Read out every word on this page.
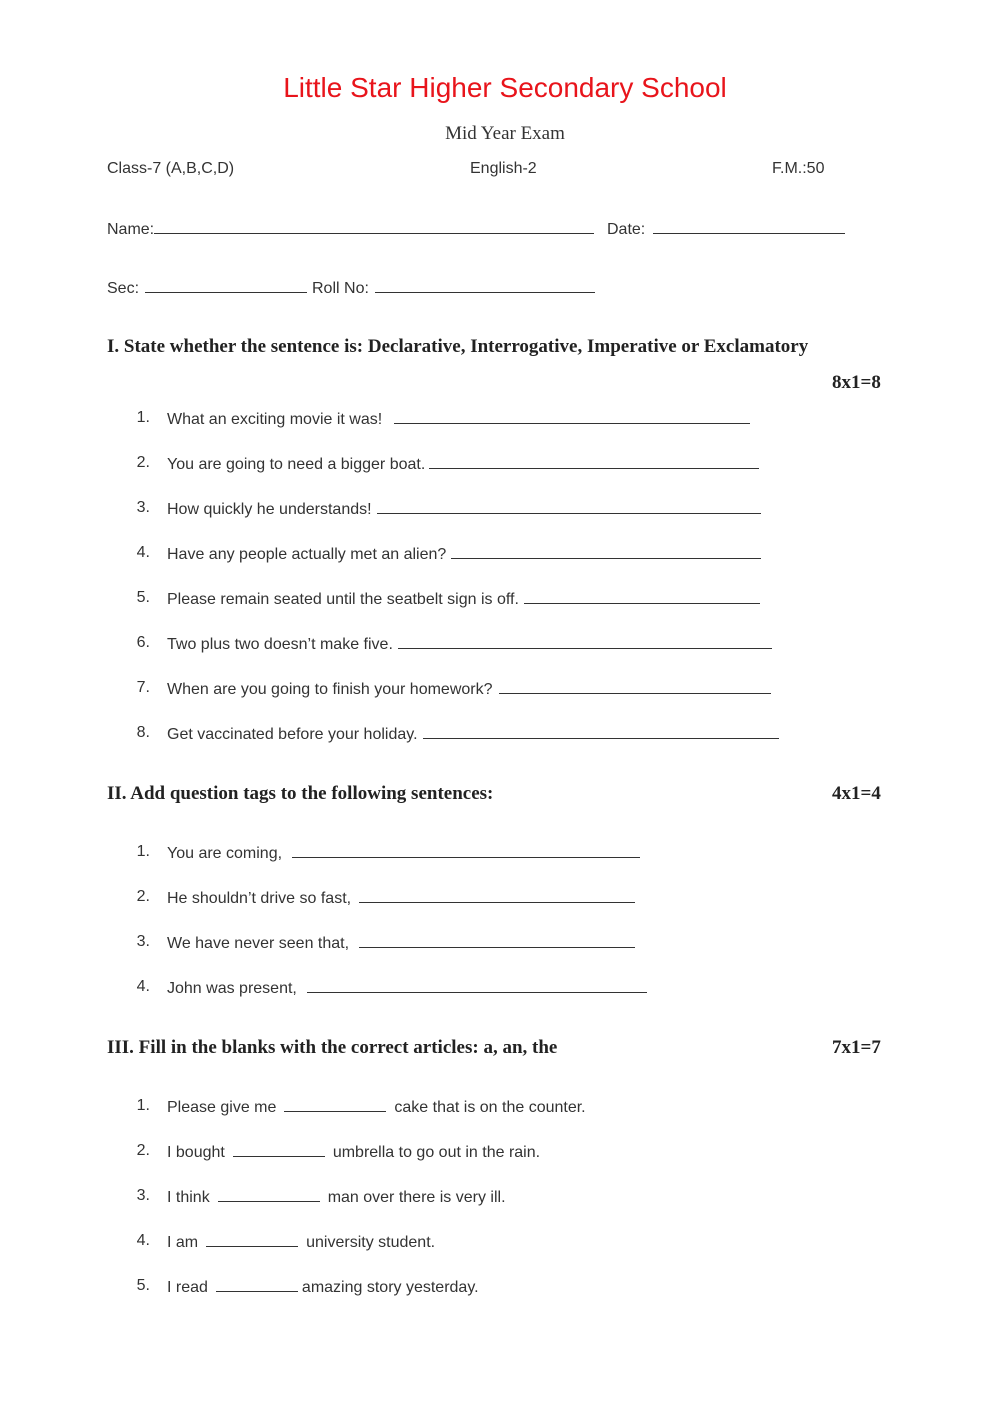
Little Star Higher Secondary School
Mid Year Exam
Class-7 (A,B,C,D)	English-2	F.M.:50
Name:	Date:
Sec:	Roll No:
I. State whether the sentence is: Declarative, Interrogative, Imperative or Exclamatory
8x1=8
1. What an exciting movie it was!
2. You are going to need a bigger boat.
3. How quickly he understands!
4. Have any people actually met an alien?
5. Please remain seated until the seatbelt sign is off.
6. Two plus two doesn’t make five.
7. When are you going to finish your homework?
8. Get vaccinated before your holiday.
II. Add question tags to the following sentences:	4x1=4
1. You are coming,
2. He shouldn’t drive so fast,
3. We have never seen that,
4. John was present,
III. Fill in the blanks with the correct articles: a, an, the	7x1=7
1. Please give me	cake that is on the counter.
2. I bought	umbrella to go out in the rain.
3. I think	man over there is very ill.
4. I am	university student.
5. I read	amazing story yesterday.
